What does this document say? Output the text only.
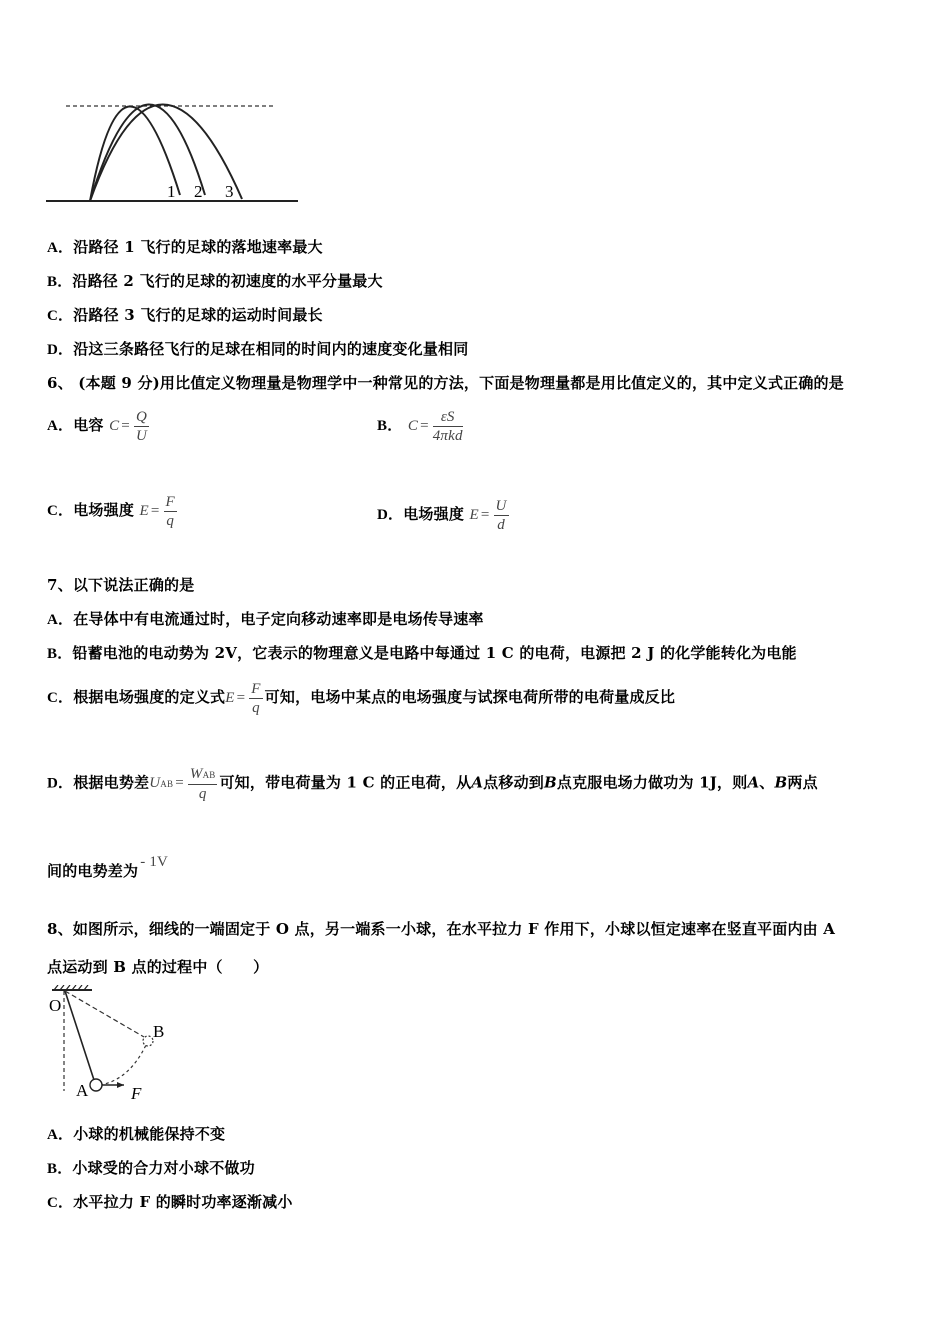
1 2 3
A．沿路径 1 飞行的足球的落地速率最大
B．沿路径 2 飞行的足球的初速度的水平分量最大
C．沿路径 3 飞行的足球的运动时间最长
D．沿这三条路径飞行的足球在相同的时间内的速度变化量相同
6、 (本题 9 分)用比值定义物理量是物理学中一种常见的方法，下面是物理量都是用比值定义的，其中定义式正确的是
A．电容 $C = \frac{Q}{U}$	B． $C = \frac{\varepsilon S}{\text{4πkd}}$
C．电场强度 $E = \frac{F}{q}$	D．电场强度 $E = \frac{U}{d}$
7、以下说法正确的是
A．在导体中有电流通过时，电子定向移动速率即是电场传导速率
B．铅蓄电池的电动势为 2V，它表示的物理意义是电路中每通过 1 C 的电荷，电源把 2 J 的化学能转化为电能
C．根据电场强度的定义式$E = \frac{F}{q}$ 可知，电场中某点的电场强度与试探电荷所带的电荷量成反比
D．根据电势差UAB = $\frac{\text{WAB}}{q}$ 可知，带电荷量为 1 C 的正电荷，从A点移动到B点克服电场力做功为 1J，则A、B两点
间的电势差为 - 1V
8、如图所示，细线的一端固定于 O 点，另一端系一小球，在水平拉力 F 作用下，小球以恒定速率在竖直平面内由 A
点运动到 B 点的过程中（　　）
O
A
B
F
A．小球的机械能保持不变
B．小球受的合力对小球不做功
C．水平拉力 F 的瞬时功率逐渐减小
